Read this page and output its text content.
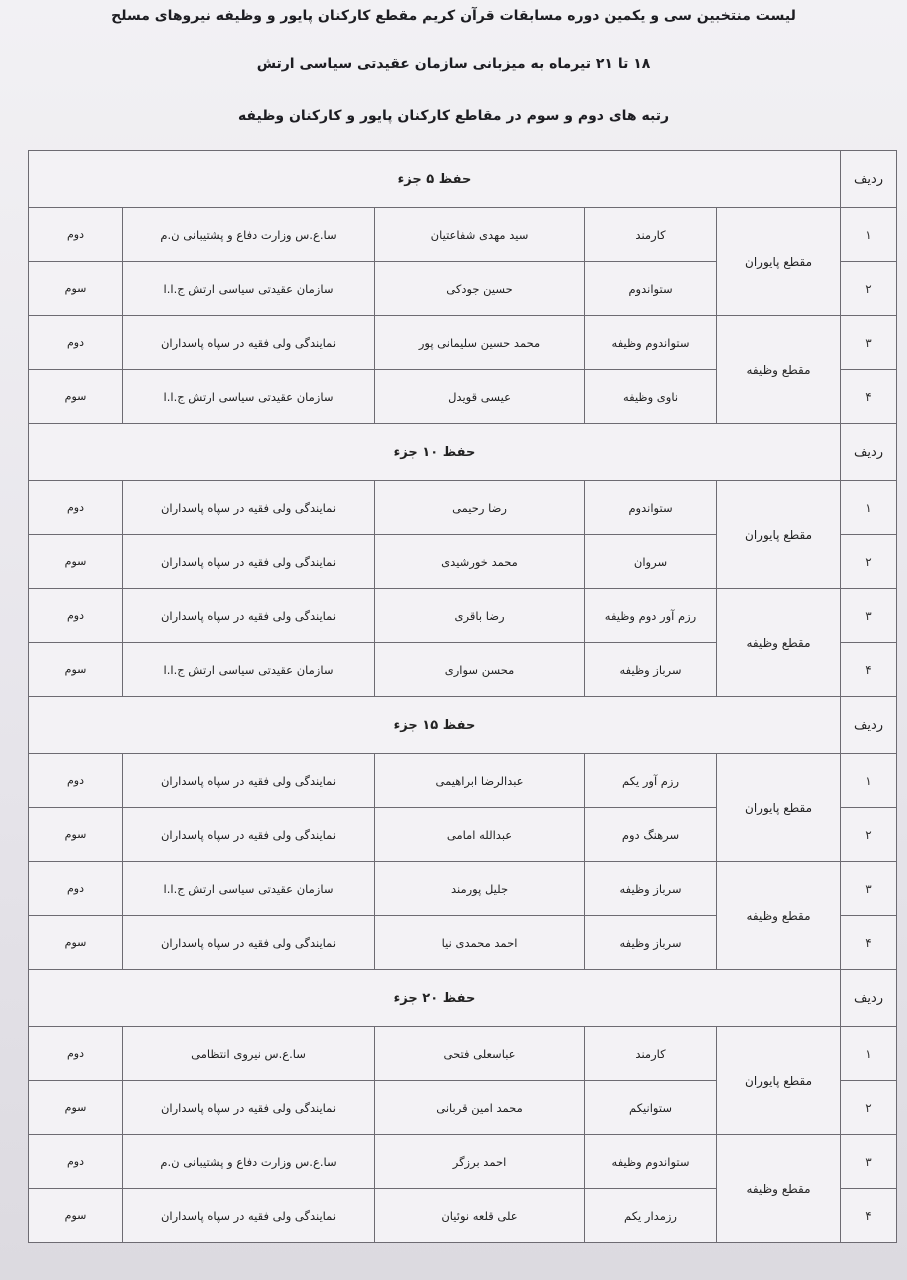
لیست منتخبین سی و یکمین دوره مسابقات قرآن کریم مقطع کارکنان پایور و وظیفه نیروهای مسلح
۱۸ تا ۲۱ تیرماه به میزبانی سازمان عقیدتی سیاسی ارتش
رتبه های دوم و سوم در مقاطع کارکنان پایور و کارکنان وظیفه
ردیف	حفظ ۵ جزء				
۱	مقطع پایوران	کارمند	سید مهدی شفاعتیان	سا.ع.س وزارت دفاع و پشتیبانی ن.م	دوم
۲		ستواندوم	حسین جودکی	سازمان عقیدتی سیاسی ارتش ج.ا.ا	سوم
۳	مقطع وظیفه	ستواندوم وظیفه	محمد حسین سلیمانی پور	نمایندگی ولی فقیه در سپاه پاسداران	دوم
۴		ناوی وظیفه	عیسی قویدل	سازمان عقیدتی سیاسی ارتش ج.ا.ا	سوم
ردیف	حفظ ۱۰ جزء				
۱	مقطع پایوران	ستواندوم	رضا رحیمی	نمایندگی ولی فقیه در سپاه پاسداران	دوم
۲		سروان	محمد خورشیدی	نمایندگی ولی فقیه در سپاه پاسداران	سوم
۳	مقطع وظیفه	رزم آور دوم وظیفه	رضا باقری	نمایندگی ولی فقیه در سپاه پاسداران	دوم
۴		سرباز وظیفه	محسن سواری	سازمان عقیدتی سیاسی ارتش ج.ا.ا	سوم
ردیف	حفظ ۱۵ جزء				
۱	مقطع پایوران	رزم آور یکم	عبدالرضا ابراهیمی	نمایندگی ولی فقیه در سپاه پاسداران	دوم
۲		سرهنگ دوم	عبدالله امامی	نمایندگی ولی فقیه در سپاه پاسداران	سوم
۳	مقطع وظیفه	سرباز وظیفه	جلیل پورمند	سازمان عقیدتی سیاسی ارتش ج.ا.ا	دوم
۴		سرباز وظیفه	احمد محمدی نیا	نمایندگی ولی فقیه در سپاه پاسداران	سوم
ردیف	حفظ ۲۰ جزء				
۱	مقطع پایوران	کارمند	عباسعلی فتحی	سا.ع.س نیروی انتظامی	دوم
۲		ستوانیکم	محمد امین قربانی	نمایندگی ولی فقیه در سپاه پاسداران	سوم
۳	مقطع وظیفه	ستواندوم وظیفه	احمد برزگر	سا.ع.س وزارت دفاع و پشتیبانی ن.م	دوم
۴		رزمدار یکم	علی قلعه نوئیان	نمایندگی ولی فقیه در سپاه پاسداران	سوم
